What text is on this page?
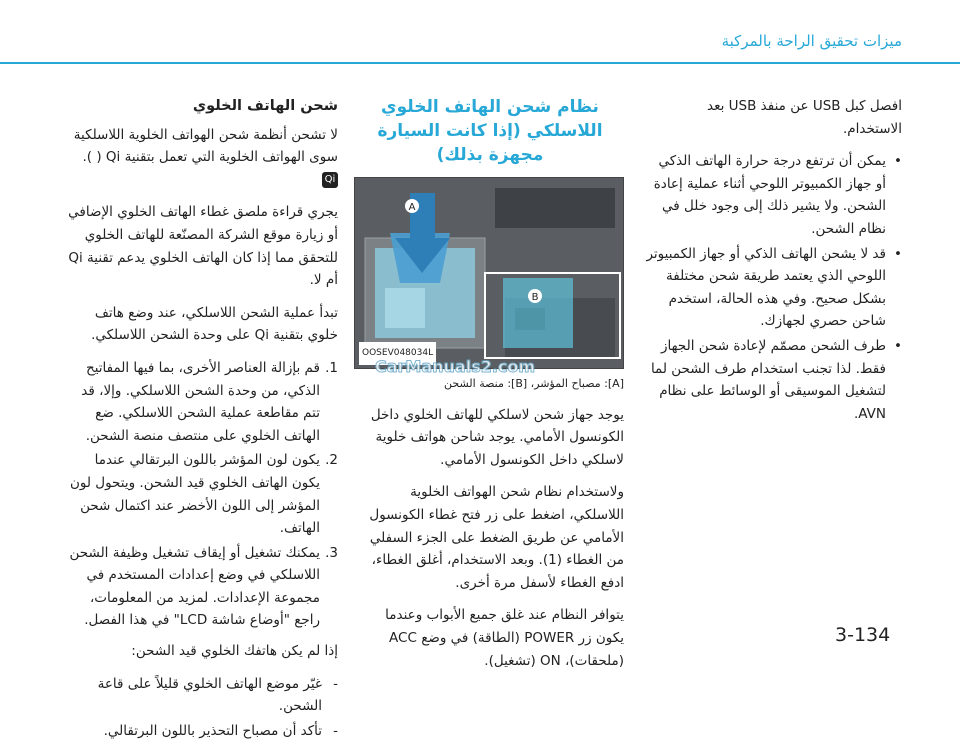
ميزات تحقيق الراحة بالمركبة

افصل كبل USB عن منفذ USB بعد الاستخدام.

• يمكن أن ترتفع درجة حرارة الهاتف الذكي أو جهاز الكمبيوتر اللوحي أثناء عملية إعادة الشحن. ولا يشير ذلك إلى وجود خلل في نظام الشحن.
• قد لا يشحن الهاتف الذكي أو جهاز الكمبيوتر اللوحي الذي يعتمد طريقة شحن مختلفة بشكل صحيح. وفي هذه الحالة، استخدم شاحن حصري لجهازك.
• طرف الشحن مصمّم لإعادة شحن الجهاز فقط. لذا تجنب استخدام طرف الشحن لما لتشغيل الموسيقى أو الوسائط على نظام AVN.
نظام شحن الهاتف الخلوي اللاسلكي (إذا كانت السيارة مجهزة بذلك)
A
B
OOSEV048034L
[A]: مصباح المؤشر، [B]: منصة الشحن

يوجد جهاز شحن لاسلكي للهاتف الخلوي داخل الكونسول الأمامي. يوجد شاحن هواتف خلوية لاسلكي داخل الكونسول الأمامي.

ولاستخدام نظام شحن الهواتف الخلوية اللاسلكي، اضغط على زر فتح غطاء الكونسول الأمامي عن طريق الضغط على الجزء السفلي من الغطاء (1). وبعد الاستخدام، أغلق الغطاء، ادفع الغطاء لأسفل مرة أخرى.

يتوافر النظام عند غلق جميع الأبواب وعندما يكون زر POWER (الطاقة) في وضع ACC (ملحقات)، ON (تشغيل).

CarManuals2.com
شحن الهاتف الخلوي

لا تشحن أنظمة شحن الهواتف الخلوية اللاسلكية سوى الهواتف الخلوية التي تعمل بتقنية Qi ( ). Qi

يجري قراءة ملصق غطاء الهاتف الخلوي الإضافي أو زيارة موقع الشركة المصنّعة للهاتف الخلوي للتحقق مما إذا كان الهاتف الخلوي يدعم تقنية Qi أم لا.

تبدأ عملية الشحن اللاسلكي، عند وضع هاتف خلوي بتقنية Qi على وحدة الشحن اللاسلكي.

1.
قم بإزالة العناصر الأخرى، بما فيها المفاتيح الذكي، من وحدة الشحن اللاسلكي. وإلا، قد تتم مقاطعة عملية الشحن اللاسلكي. ضع الهاتف الخلوي على منتصف منصة الشحن.
2.
يكون لون المؤشر باللون البرتقالي عندما يكون الهاتف الخلوي قيد الشحن. ويتحول لون المؤشر إلى اللون الأخضر عند اكتمال شحن الهاتف.
3.
يمكنك تشغيل أو إيقاف تشغيل وظيفة الشحن اللاسلكي في وضع إعدادات المستخدم في مجموعة الإعدادات. لمزيد من المعلومات، راجع "أوضاع شاشة LCD" في هذا الفصل.

إذا لم يكن هاتفك الخلوي قيد الشحن:

- غيّر موضع الهاتف الخلوي قليلاً على قاعة الشحن.
- تأكد أن مصباح التحذير باللون البرتقالي.
3-134
